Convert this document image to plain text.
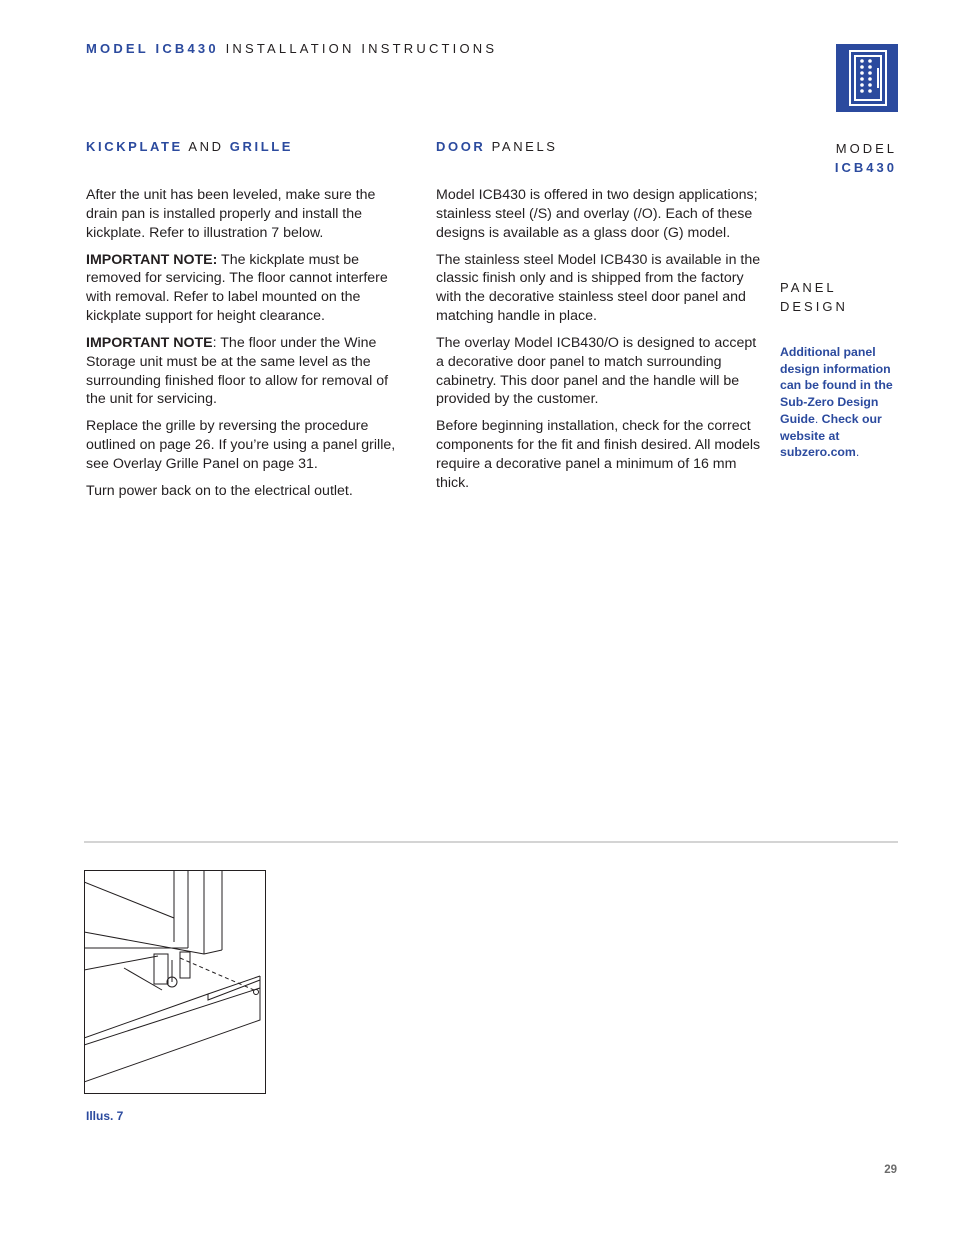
MODEL ICB430 INSTALLATION INSTRUCTIONS
KICKPLATE AND GRILLE	DOOR PANELS	MODEL
ICB430
PANEL
DESIGN
Additional panel design information can be found in the Sub-Zero Design Guide. Check our website at subzero.com.

After the unit has been leveled, make sure the drain pan is installed properly and install the kickplate. Refer to illustration 7 below.

IMPORTANT NOTE: The kickplate must be removed for servicing. The floor cannot interfere with removal. Refer to label mounted on the kickplate support for height clearance.

IMPORTANT NOTE: The floor under the Wine Storage unit must be at the same level as the surrounding finished floor to allow for removal of the unit for servicing.

Replace the grille by reversing the procedure outlined on page 26. If you’re using a panel grille, see Overlay Grille Panel on page 31.

Turn power back on to the electrical outlet.

Model ICB430 is offered in two design applications; stainless steel (/S) and overlay (/O). Each of these designs is available as a glass door (G) model.

The stainless steel Model ICB430 is available in the classic finish only and is shipped from the factory with the decorative stainless steel door panel and matching handle in place.

The overlay Model ICB430/O is designed to accept a decorative door panel to match surrounding cabinetry. This door panel and the handle will be provided by the customer.

Before beginning installation, check for the correct components for the fit and finish desired. All models require a decorative panel a minimum of 16 mm thick.

Illus. 7
29
